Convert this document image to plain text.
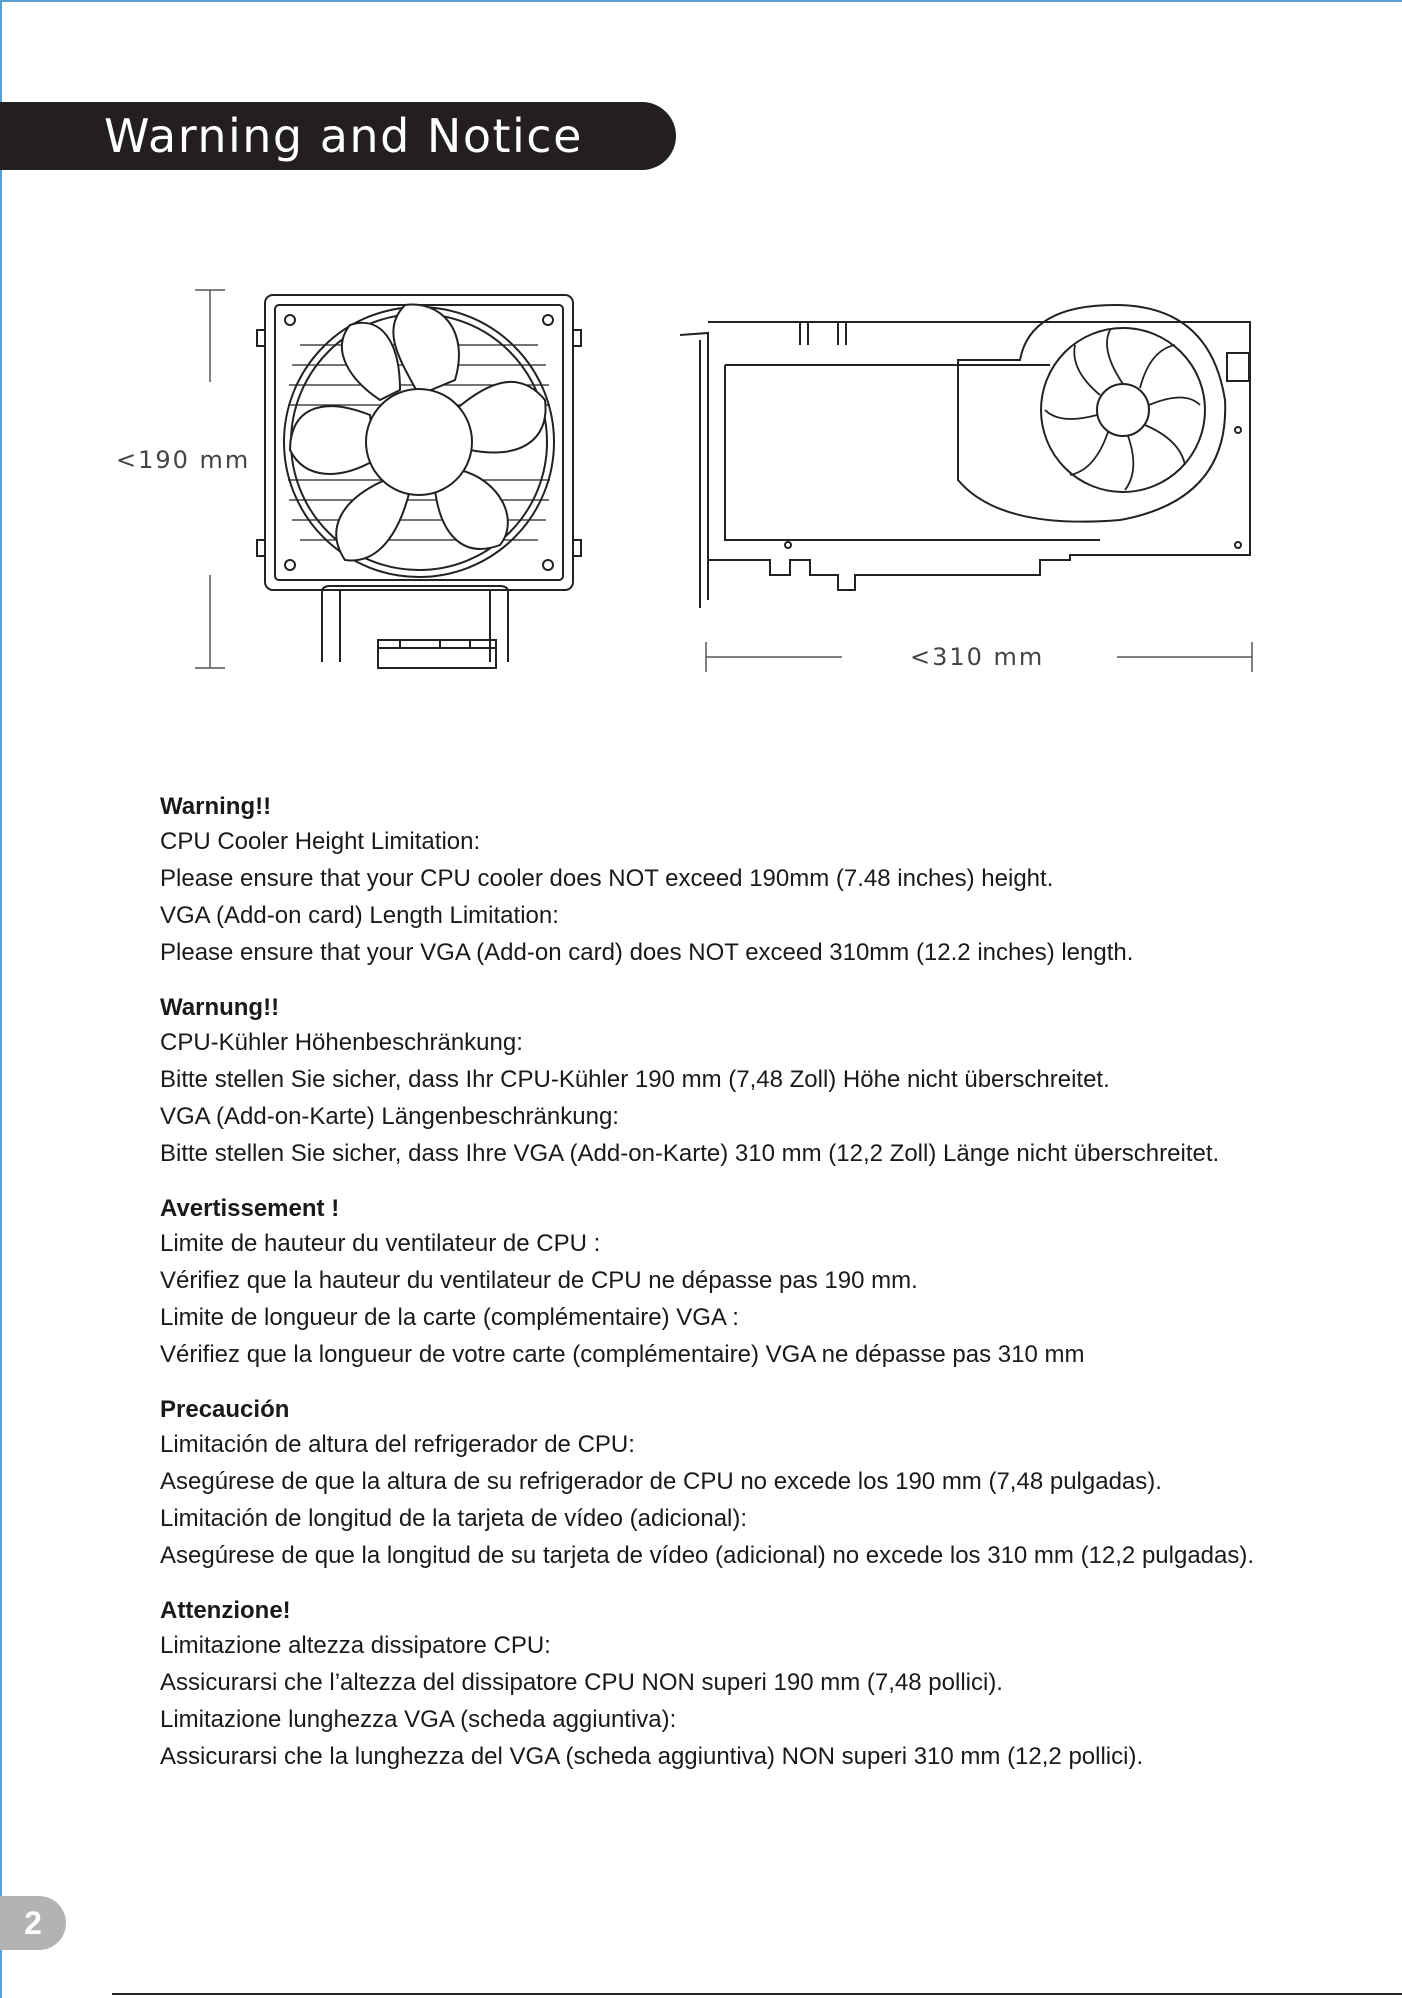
Warning and Notice
<190 mm
<310 mm
Warning!!
CPU Cooler Height Limitation:
Please ensure that your CPU cooler does NOT exceed 190mm (7.48 inches) height.
VGA (Add-on card) Length Limitation:
Please ensure that your VGA (Add-on card) does NOT exceed 310mm (12.2 inches) length.
Warnung!!
CPU-Kühler Höhenbeschränkung:
Bitte stellen Sie sicher, dass Ihr CPU-Kühler 190 mm (7,48 Zoll) Höhe nicht überschreitet.
VGA (Add-on-Karte) Längenbeschränkung:
Bitte stellen Sie sicher, dass Ihre VGA (Add-on-Karte) 310 mm (12,2 Zoll) Länge nicht überschreitet.
Avertissement !
Limite de hauteur du ventilateur de CPU :
Vérifiez que la hauteur du ventilateur de CPU ne dépasse pas 190 mm.
Limite de longueur de la carte (complémentaire) VGA :
Vérifiez que la longueur de votre carte (complémentaire) VGA ne dépasse pas 310 mm
Precaución
Limitación de altura del refrigerador de CPU:
Asegúrese de que la altura de su refrigerador de CPU no excede los 190 mm (7,48 pulgadas).
Limitación de longitud de la tarjeta de vídeo (adicional):
Asegúrese de que la longitud de su tarjeta de vídeo (adicional) no excede los 310 mm (12,2 pulgadas).
Attenzione!
Limitazione altezza dissipatore CPU:
Assicurarsi che l’altezza del dissipatore CPU NON superi 190 mm (7,48 pollici).
Limitazione lunghezza VGA (scheda aggiuntiva):
Assicurarsi che la lunghezza del VGA (scheda aggiuntiva) NON superi 310 mm (12,2 pollici).
2
